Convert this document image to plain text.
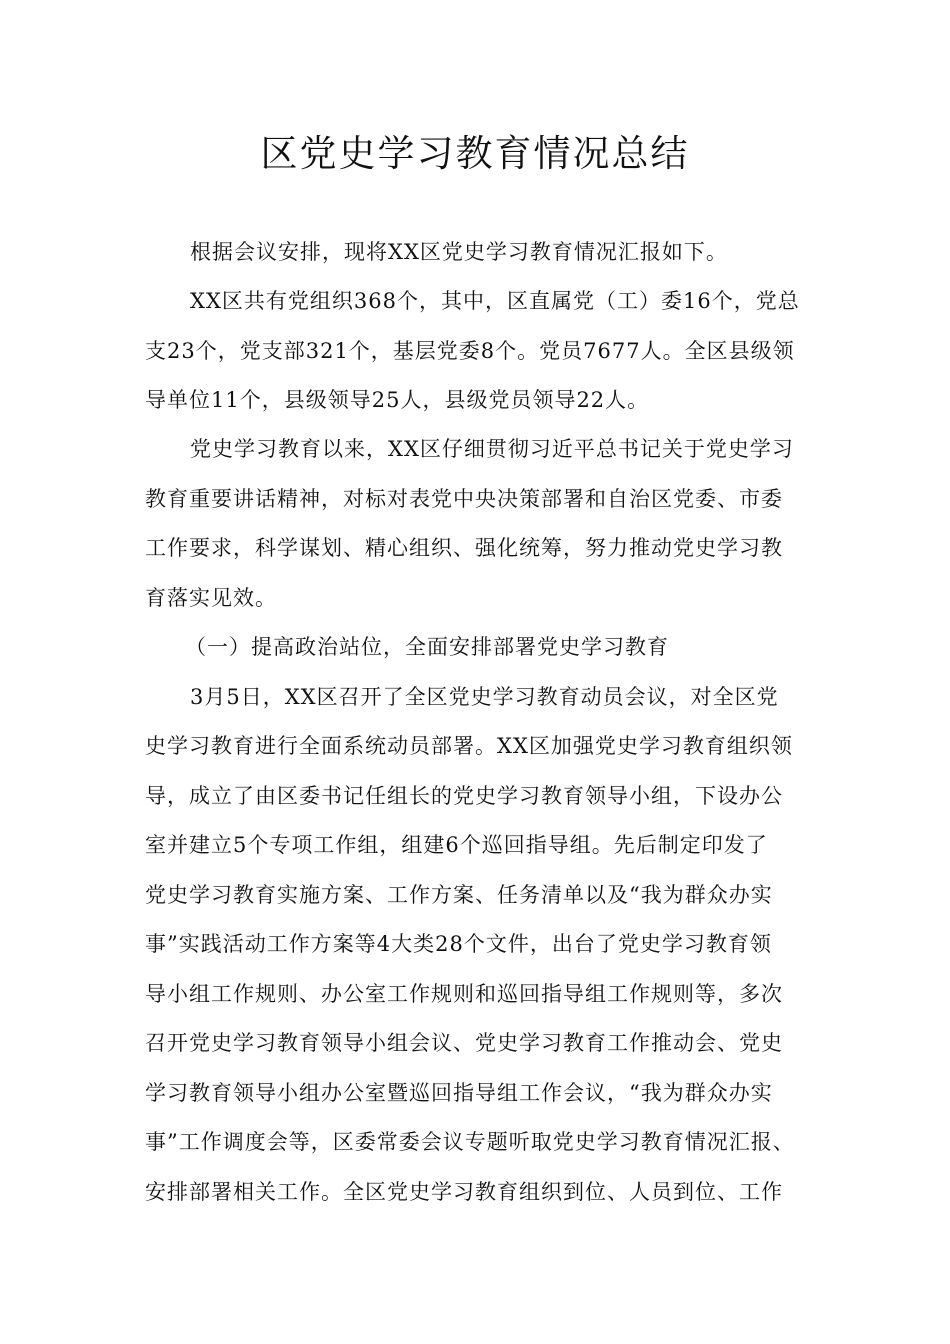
区党史学习教育情况总结
根据会议安排，现将XX区党史学习教育情况汇报如下。
XX区共有党组织368个，其中，区直属党（工）委16个，党总
支23个，党支部321个，基层党委8个。党员7677人。全区县级领
导单位11个，县级领导25人，县级党员领导22人。
党史学习教育以来，XX区仔细贯彻习近平总书记关于党史学习
教育重要讲话精神，对标对表党中央决策部署和自治区党委、市委
工作要求，科学谋划、精心组织、强化统筹，努力推动党史学习教
育落实见效。
（一）提高政治站位，全面安排部署党史学习教育
3月5日，XX区召开了全区党史学习教育动员会议，对全区党
史学习教育进行全面系统动员部署。XX区加强党史学习教育组织领
导，成立了由区委书记任组长的党史学习教育领导小组，下设办公
室并建立5个专项工作组，组建6个巡回指导组。先后制定印发了
党史学习教育实施方案、工作方案、任务清单以及“我为群众办实
事”实践活动工作方案等4大类28个文件，出台了党史学习教育领
导小组工作规则、办公室工作规则和巡回指导组工作规则等，多次
召开党史学习教育领导小组会议、党史学习教育工作推动会、党史
学习教育领导小组办公室暨巡回指导组工作会议，“我为群众办实
事”工作调度会等，区委常委会议专题听取党史学习教育情况汇报、
安排部署相关工作。全区党史学习教育组织到位、人员到位、工作
